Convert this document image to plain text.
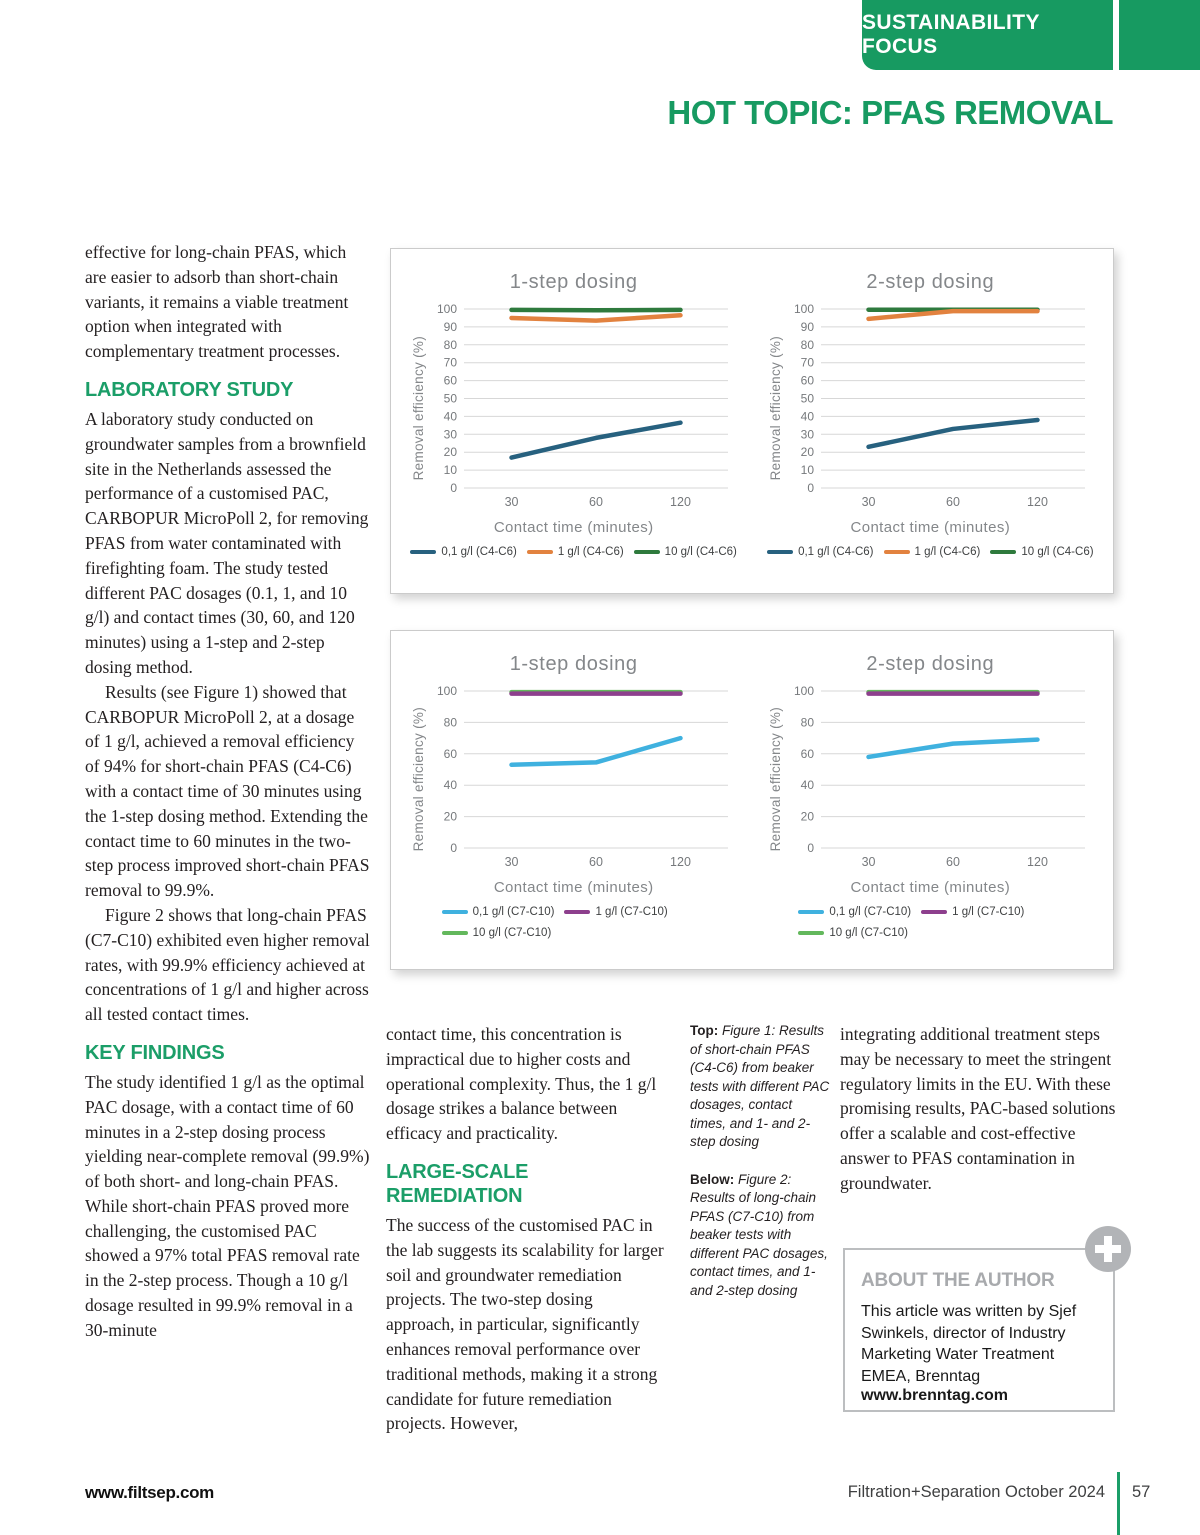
SUSTAINABILITY FOCUS
HOT TOPIC: PFAS REMOVAL

effective for long-chain PFAS, which are easier to adsorb than short-chain variants, it remains a viable treatment option when integrated with complementary treatment processes.

LABORATORY STUDY

A laboratory study conducted on groundwater samples from a brownfield site in the Netherlands assessed the performance of a customised PAC, CARBOPUR MicroPoll 2, for removing PFAS from water contaminated with firefighting foam. The study tested different PAC dosages (0.1, 1, and 10 g/l) and contact times (30, 60, and 120 minutes) using a 1-step and 2-step dosing method.

Results (see Figure 1) showed that CARBOPUR MicroPoll 2, at a dosage of 1 g/l, achieved a removal efficiency of 94% for short-chain PFAS (C4-C6) with a contact time of 30 minutes using the 1-step dosing method. Extending the contact time to 60 minutes in the two-step process improved short-chain PFAS removal to 99.9%.

Figure 2 shows that long-chain PFAS (C7-C10) exhibited even higher removal rates, with 99.9% efficiency achieved at concentrations of 1 g/l and higher across all tested contact times.

KEY FINDINGS

The study identified 1 g/l as the optimal PAC dosage, with a contact time of 60 minutes in a 2-step dosing process yielding near-complete removal (99.9%) of both short- and long-chain PFAS. While short-chain PFAS proved more challenging, the customised PAC showed a 97% total PFAS removal rate in the 2-step process. Though a 10 g/l dosage resulted in 99.9% removal in a 30-minute

1-step dosing
Removal efficiency (%)
0
10
20
30
40
50
60
70
80
90
100
30	60	120
Contact time (minutes)
0,1 g/l (C4-C6)	1 g/l (C4-C6)	10 g/l (C4-C6)
2-step dosing
Removal efficiency (%)
0
10
20
30
40
50
60
70
80
90
100
30	60	120
Contact time (minutes)
0,1 g/l (C4-C6)	1 g/l (C4-C6)	10 g/l (C4-C6)
1-step dosing
Removal efficiency (%) 0
20
40
60
80
100
30	60	120
Contact time (minutes)
0,1 g/l (C7-C10)	1 g/l (C7-C10)
10 g/l (C7-C10)
2-step dosing
Removal efficiency (%) 0
20
40
60
80
100
30	60	120
Contact time (minutes)
0,1 g/l (C7-C10)	1 g/l (C7-C10)
10 g/l (C7-C10)

contact time, this concentration is impractical due to higher costs and operational complexity. Thus, the 1 g/l dosage strikes a balance between efficacy and practicality.

LARGE-SCALE REMEDIATION

The success of the customised PAC in the lab suggests its scalability for larger soil and groundwater remediation projects. The two-step dosing approach, in particular, significantly enhances removal performance over traditional methods, making it a strong candidate for future remediation projects. However,

Top: Figure 1: Results of short-chain PFAS (C4-C6) from beaker tests with different PAC dosages, contact times, and 1- and 2-step dosing
Below: Figure 2: Results of long-chain PFAS (C7-C10) from beaker tests with different PAC dosages, contact times, and 1- and 2-step dosing

integrating additional treatment steps may be necessary to meet the stringent regulatory limits in the EU. With these promising results, PAC-based solutions offer a scalable and cost-effective answer to PFAS contamination in groundwater.

ABOUT THE AUTHOR
This article was written by Sjef Swinkels, director of Industry Marketing Water Treatment EMEA, Brenntag
www.brenntag.com
www.filtsep.com	Filtration+Separation October 2024 57
